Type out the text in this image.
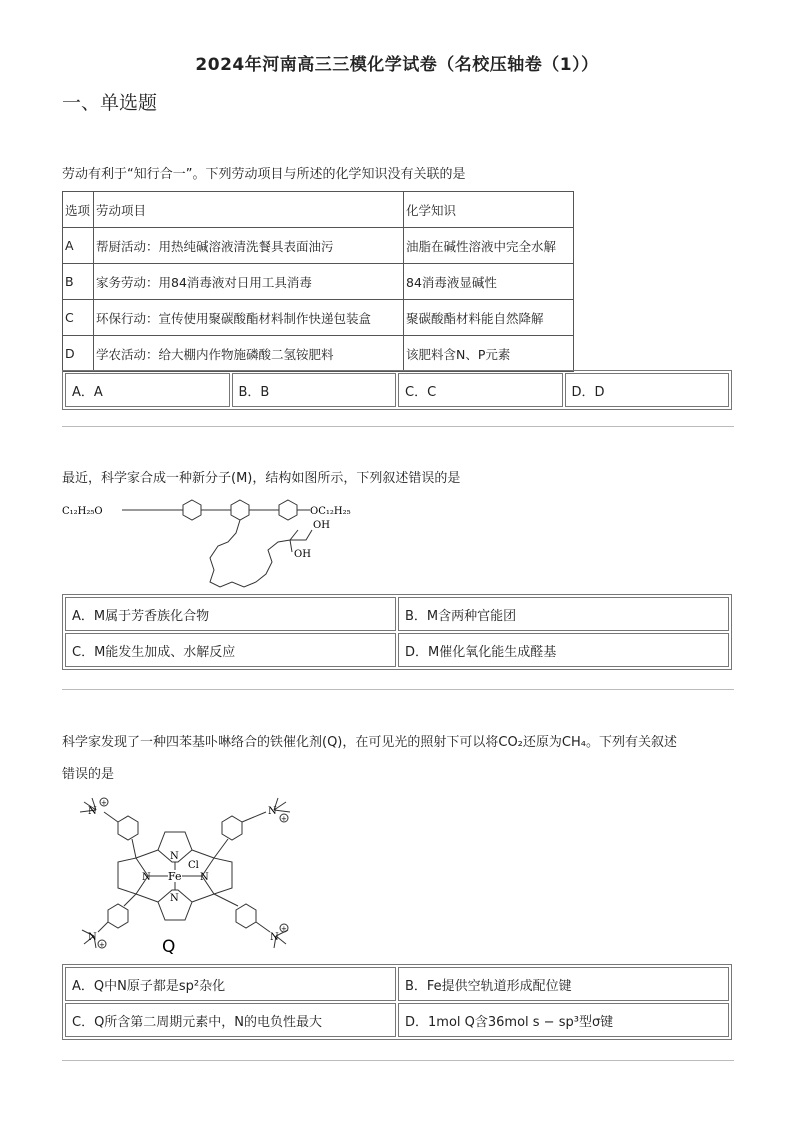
2024年河南高三三模化学试卷（名校压轴卷（1））
一、单选题
劳动有利于“知行合一”。下列劳动项目与所述的化学知识没有关联的是
选项	劳动项目	化学知识
A	帮厨活动：用热纯碱溶液清洗餐具表面油污	油脂在碱性溶液中完全水解
B	家务劳动：用84消毒液对日用工具消毒	84消毒液显碱性
C	环保行动：宣传使用聚碳酸酯材料制作快递包装盒	聚碳酸酯材料能自然降解
D	学农活动：给大棚内作物施磷酸二氢铵肥料	该肥料含N、P元素
A．A	B．B	C．C	D．D
最近，科学家合成一种新分子(M)，结构如图所示，下列叙述错误的是
C₁₂H₂₅O	OC₁₂H₂₅
OH
OH
A．M属于芳香族化合物	B．M含两种官能团
C．M能发生加成、水解反应	D．M催化氧化能生成醛基
科学家发现了一种四苯基卟啉络合的铁催化剂(Q)，在可见光的照射下可以将CO₂还原为CH₄。下列有关叙述
错误的是
N
N
N	N
Fe
Cl
N	N
N	N
+
+
+
+
Q
A．Q中N原子都是sp²杂化	B．Fe提供空轨道形成配位键
C．Q所含第二周期元素中，N的电负性最大	D．1mol Q含36mol s − sp³型σ键
